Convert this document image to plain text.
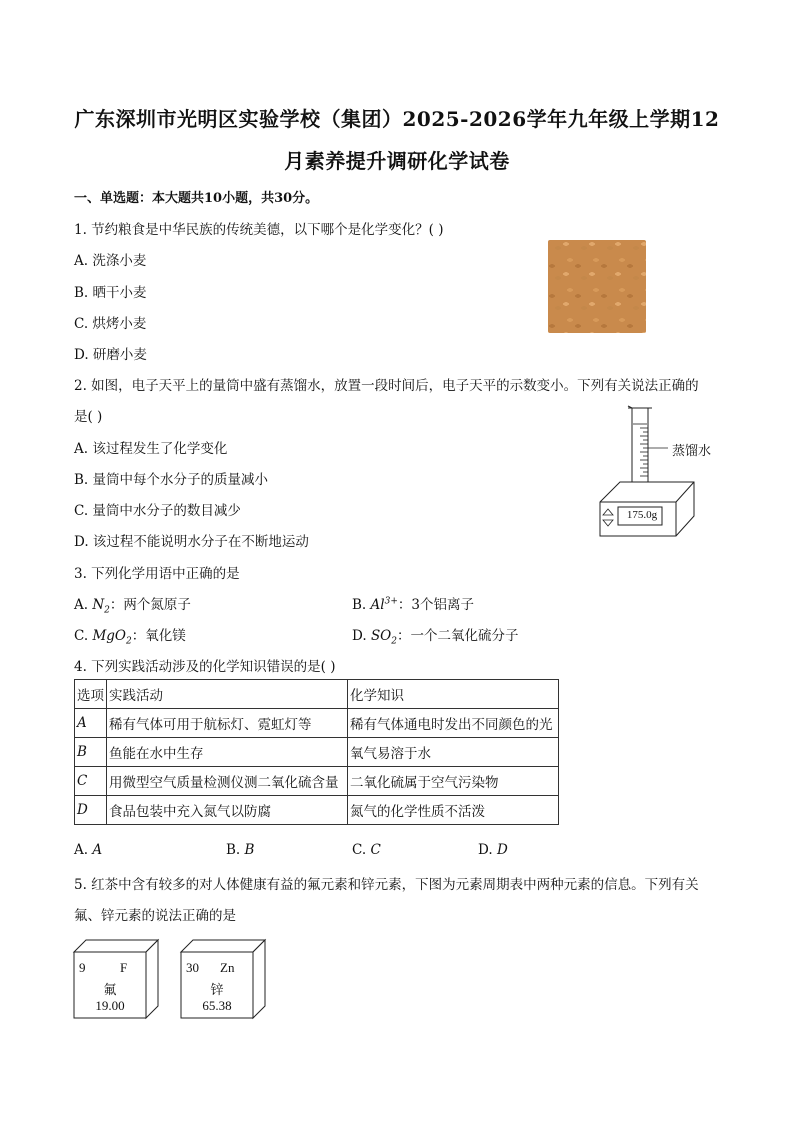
广东深圳市光明区实验学校（集团）2025-2026学年九年级上学期12
月素养提升调研化学试卷
一、单选题：本大题共10小题，共30分。
1. 节约粮食是中华民族的传统美德，以下哪个是化学变化？( )
A. 洗涤小麦
B. 晒干小麦
C. 烘烤小麦
D. 研磨小麦
2. 如图，电子天平上的量筒中盛有蒸馏水，放置一段时间后，电子天平的示数变小。下列有关说法正确的
是( )
A. 该过程发生了化学变化
B. 量筒中每个水分子的质量减小
C. 量筒中水分子的数目减少
D. 该过程不能说明水分子在不断地运动
175.0g
蒸馏水
3. 下列化学用语中正确的是
A. $N_2$：两个氮原子	B. $Al^{3+}$：3个铝离子
C. MgO$_2$：氧化镁	D. $SO_2$：一个二氧化硫分子
4. 下列实践活动涉及的化学知识错误的是( )
选项	实践活动	化学知识
A	稀有气体可用于航标灯、霓虹灯等	稀有气体通电时发出不同颜色的光
B	鱼能在水中生存	氧气易溶于水
C	用微型空气质量检测仪测二氧化硫含量	二氧化硫属于空气污染物
D	食品包装中充入氮气以防腐	氮气的化学性质不活泼
A. A	B. B	C. C	D. D
5. 红茶中含有较多的对人体健康有益的氟元素和锌元素，下图为元素周期表中两种元素的信息。下列有关
氟、锌元素的说法正确的是
9	F
氟
19.00
30 Zn
锌
65.38
